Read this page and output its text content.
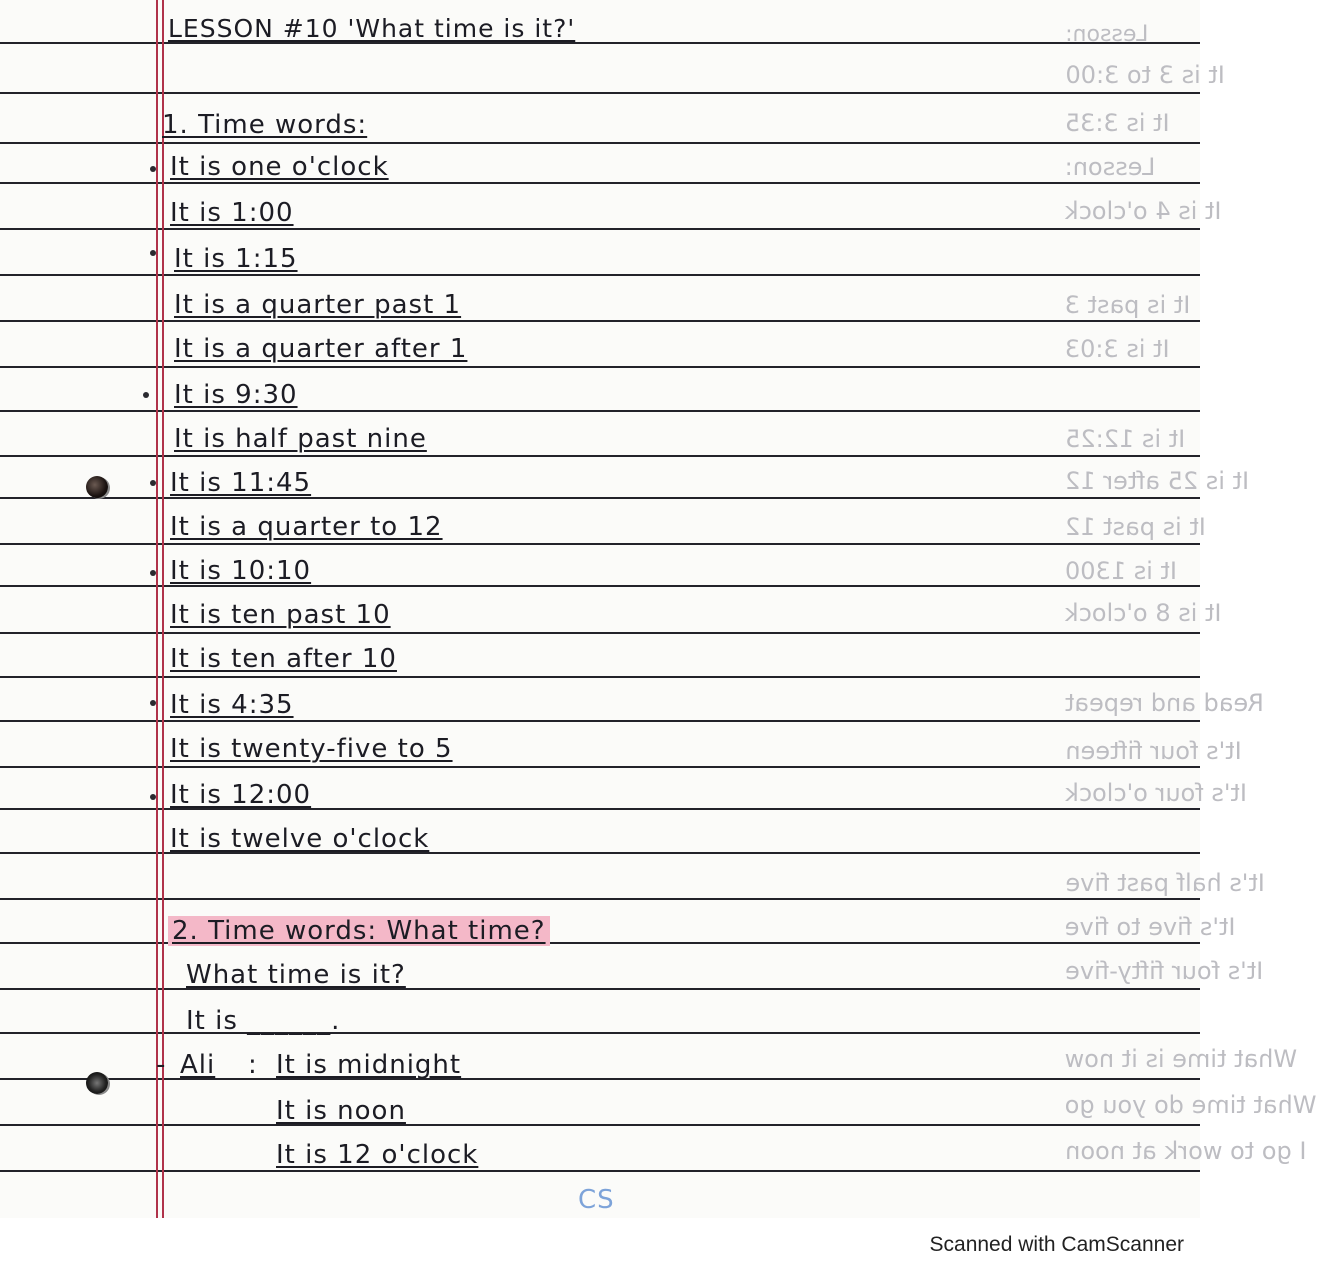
Lesson:
It is 3 to 3:00
It is 3:35
Lesson:
It is 4 o'clock
It is past 3
It is 3:03
It is 12:25
It is 25 after 12
It is past 12
It is 1300
It is 8 o'clock
Read and repeat
It's four fifteen
It's four o'clock
It's half past five
It's five to five
It's four fifty-five
What time is it now
What time do you go
I go to work at noon
LESSON #10 'What time is it?'
1. Time words:
It is one o'clock
It is 1:00
It is 1:15
It is a quarter past 1
It is a quarter after 1
It is 9:30
It is half past nine
It is 11:45
It is a quarter to 12
It is 10:10
It is ten past 10
It is ten after 10
It is 4:35
It is twenty-five to 5
It is 12:00
It is twelve o'clock
2. Time words: What time?
What time is it?
It is ______.
- Ali : It is midnight
It is noon
It is 12 o'clock
CS
Scanned with CamScanner
